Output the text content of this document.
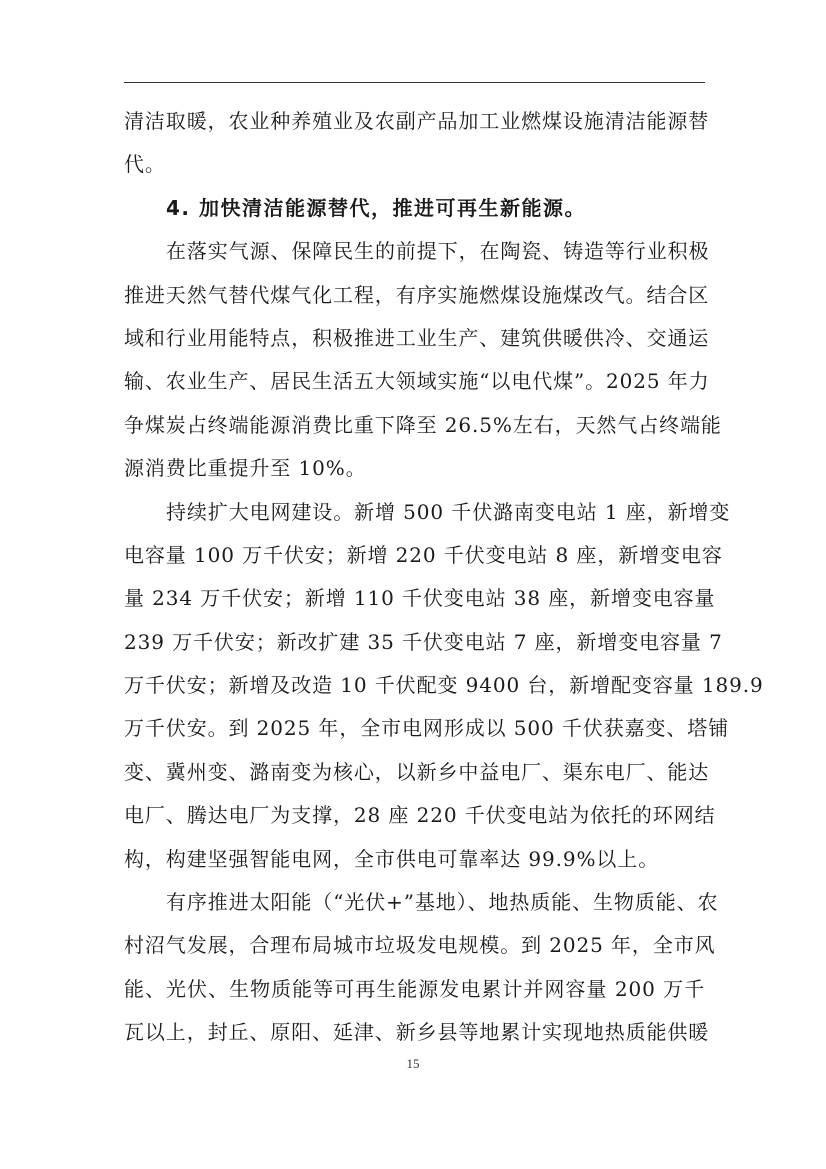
清洁取暖，农业种养殖业及农副产品加工业燃煤设施清洁能源替
代。
4. 加快清洁能源替代，推进可再生新能源。
在落实气源、保障民生的前提下，在陶瓷、铸造等行业积极
推进天然气替代煤气化工程，有序实施燃煤设施煤改气。结合区
域和行业用能特点，积极推进工业生产、建筑供暖供冷、交通运
输、农业生产、居民生活五大领域实施“以电代煤”。2025 年力
争煤炭占终端能源消费比重下降至 26.5%左右，天然气占终端能
源消费比重提升至 10%。
持续扩大电网建设。新增 500 千伏潞南变电站 1 座，新增变
电容量 100 万千伏安；新增 220 千伏变电站 8 座，新增变电容
量 234 万千伏安；新增 110 千伏变电站 38 座，新增变电容量
239 万千伏安；新改扩建 35 千伏变电站 7 座，新增变电容量 7
万千伏安；新增及改造 10 千伏配变 9400 台，新增配变容量 189.9
万千伏安。到 2025 年，全市电网形成以 500 千伏获嘉变、塔铺
变、冀州变、潞南变为核心，以新乡中益电厂、渠东电厂、能达
电厂、腾达电厂为支撑，28 座 220 千伏变电站为依托的环网结
构，构建坚强智能电网，全市供电可靠率达 99.9%以上。
有序推进太阳能（“光伏+”基地）、地热质能、生物质能、农
村沼气发展，合理布局城市垃圾发电规模。到 2025 年，全市风
能、光伏、生物质能等可再生能源发电累计并网容量 200 万千
瓦以上，封丘、原阳、延津、新乡县等地累计实现地热质能供暖
15
